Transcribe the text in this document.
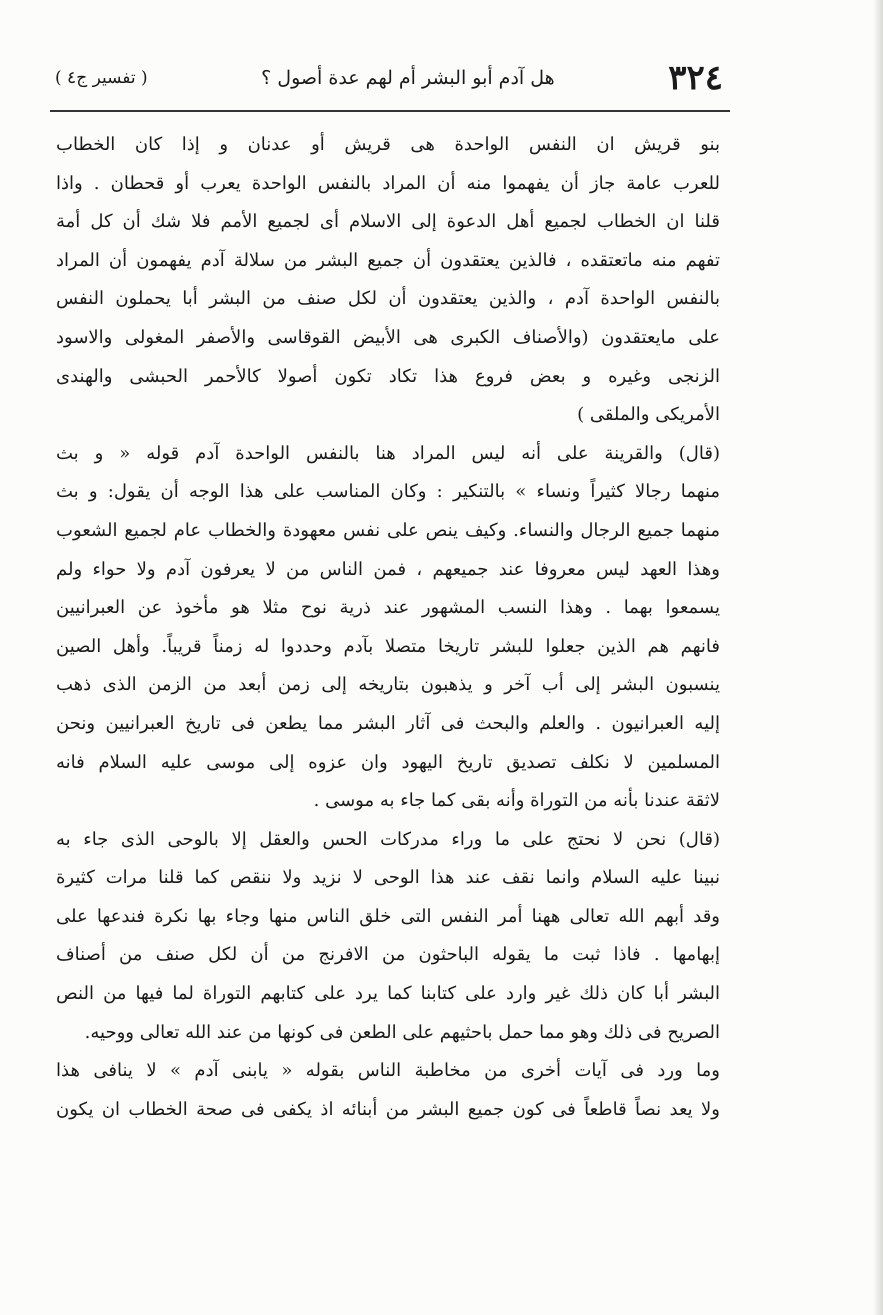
٣٢٤
هل آدم أبو البشر أم لهم عدة أصول ؟
( تفسير ج٤ )
بنو قريش ان النفس الواحدة هى قريش أو عدنان و إذا كان الخطاب
للعرب عامة جاز أن يفهموا منه أن المراد بالنفس الواحدة يعرب أو قحطان . واذا
قلنا ان الخطاب لجميع أهل الدعوة إلى الاسلام أى لجميع الأمم فلا شك أن كل أمة
تفهم منه ماتعتقده ، فالذين يعتقدون أن جميع البشر من سلالة آدم يفهمون أن المراد
بالنفس الواحدة آدم ، والذين يعتقدون أن لكل صنف من البشر أبا يحملون النفس
على مايعتقدون (والأصناف الكبرى هى الأبيض القوقاسى والأصفر المغولى والاسود
الزنجى وغيره و بعض فروع هذا تكاد تكون أصولا كالأحمر الحبشى والهندى
الأمريكى والملقى )
(قال) والقرينة على أنه ليس المراد هنا بالنفس الواحدة آدم قوله « و بث
منهما رجالا كثيراً ونساء » بالتنكير : وكان المناسب على هذا الوجه أن يقول: و بث
منهما جميع الرجال والنساء. وكيف ينص على نفس معهودة والخطاب عام لجميع الشعوب
وهذا العهد ليس معروفا عند جميعهم ، فمن الناس من لا يعرفون آدم ولا حواء ولم
يسمعوا بهما . وهذا النسب المشهور عند ذرية نوح مثلا هو مأخوذ عن العبرانيين
فانهم هم الذين جعلوا للبشر تاريخا متصلا بآدم وحددوا له زمناً قريباً. وأهل الصين
ينسبون البشر إلى أب آخر و يذهبون بتاريخه إلى زمن أبعد من الزمن الذى ذهب
إليه العبرانيون . والعلم والبحث فى آثار البشر مما يطعن فى تاريخ العبرانيين ونحن
المسلمين لا نكلف تصديق تاريخ اليهود وان عزوه إلى موسى عليه السلام فانه
لاثقة عندنا بأنه من التوراة وأنه بقى كما جاء به موسى .
(قال) نحن لا نحتج على ما وراء مدركات الحس والعقل إلا بالوحى الذى جاء به
نبينا عليه السلام وانما نقف عند هذا الوحى لا نزيد ولا ننقص كما قلنا مرات كثيرة
وقد أبهم الله تعالى ههنا أمر النفس التى خلق الناس منها وجاء بها نكرة فندعها على
إبهامها . فاذا ثبت ما يقوله الباحثون من الافرنج من أن لكل صنف من أصناف
البشر أبا كان ذلك غير وارد على كتابنا كما يرد على كتابهم التوراة لما فيها من النص
الصريح فى ذلك وهو مما حمل باحثيهم على الطعن فى كونها من عند الله تعالى ووحيه.
وما ورد فى آيات أخرى من مخاطبة الناس بقوله « يابنى آدم » لا ينافى هذا
ولا يعد نصاً قاطعاً فى كون جميع البشر من أبنائه اذ يكفى فى صحة الخطاب ان يكون
